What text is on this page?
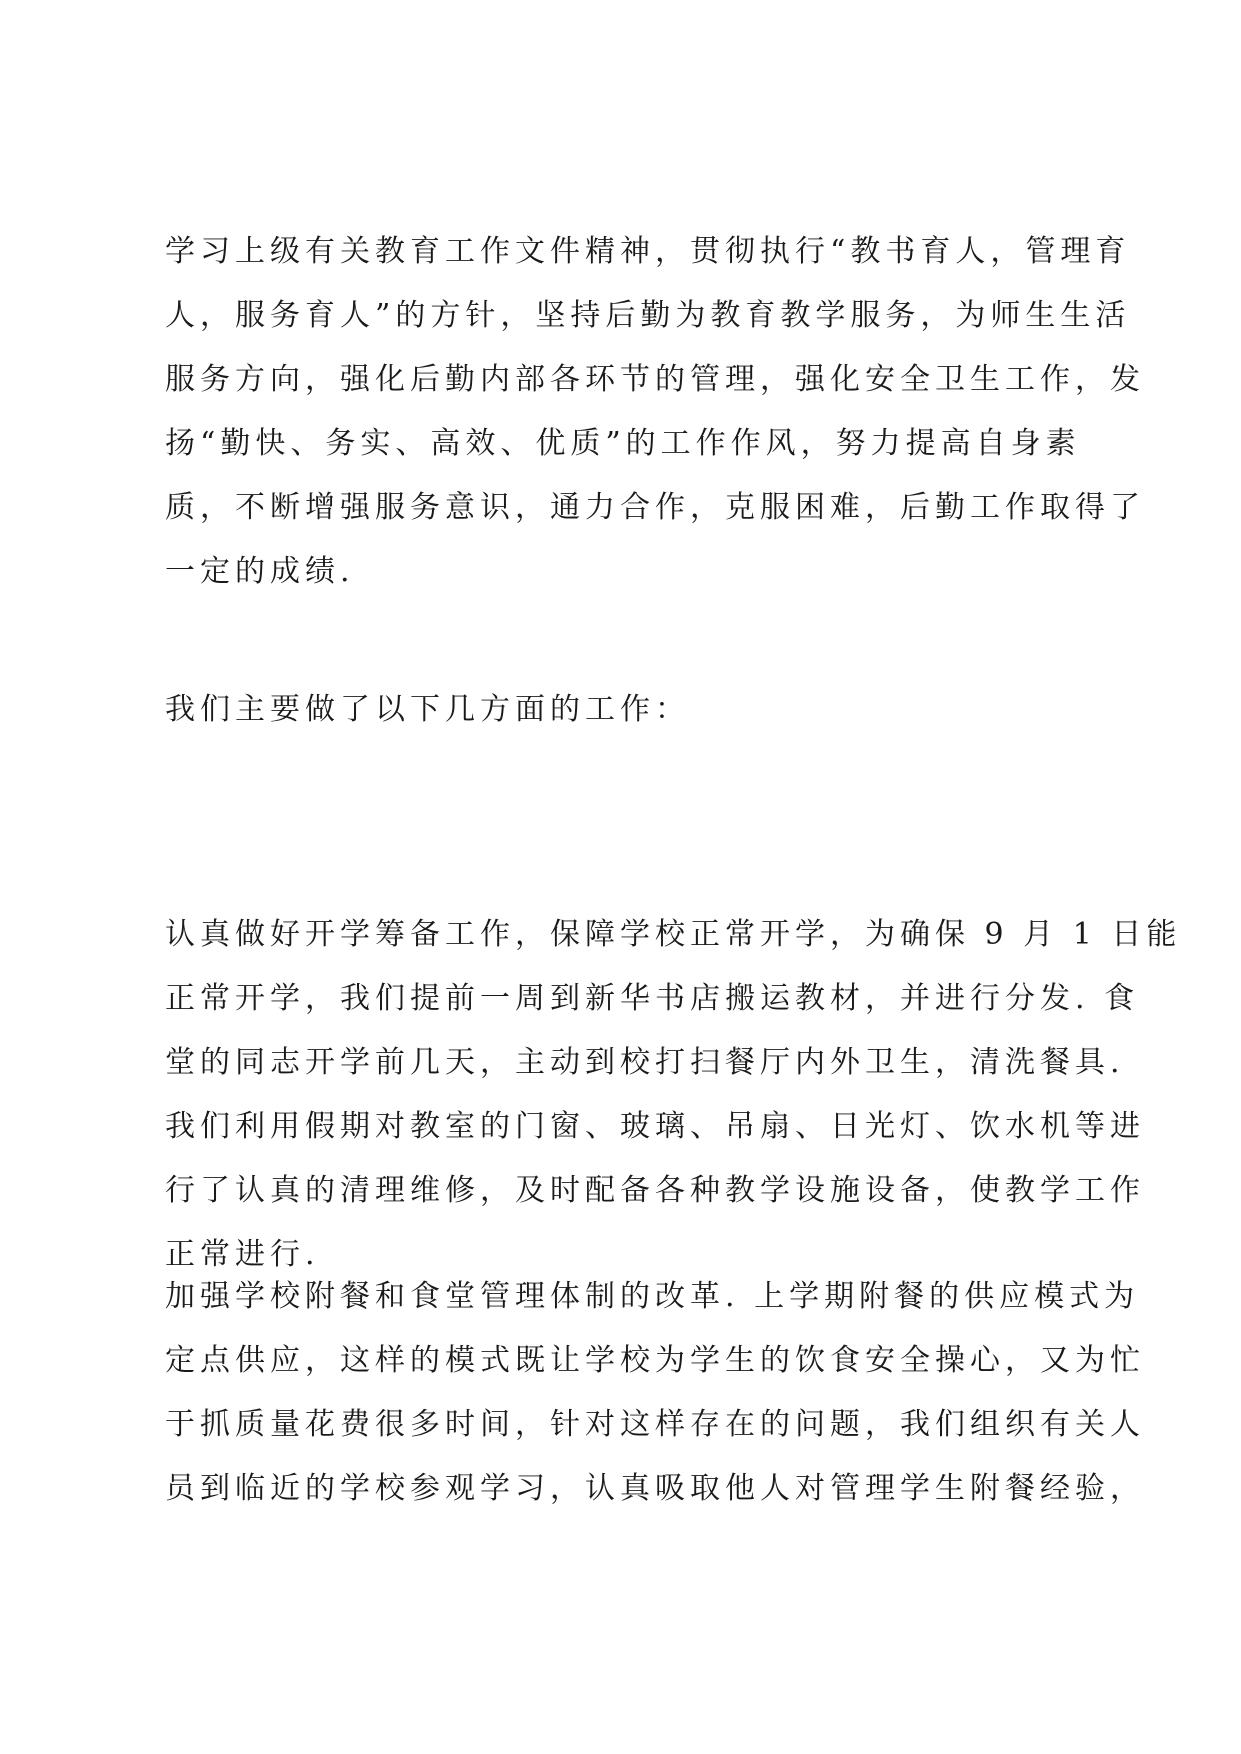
学习上级有关教育工作文件精神，贯彻执行“教书育人，管理育
人，服务育人”的方针，坚持后勤为教育教学服务，为师生生活
服务方向，强化后勤内部各环节的管理，强化安全卫生工作，发
扬“勤快、务实、高效、优质”的工作作风，努力提高自身素
质，不断增强服务意识，通力合作，克服困难，后勤工作取得了
一定的成绩.

我们主要做了以下几方面的工作：

认真做好开学筹备工作，保障学校正常开学，为确保 9 月 1 日能
正常开学，我们提前一周到新华书店搬运教材，并进行分发. 食
堂的同志开学前几天，主动到校打扫餐厅内外卫生，清洗餐具.
我们利用假期对教室的门窗、玻璃、吊扇、日光灯、饮水机等进
行了认真的清理维修，及时配备各种教学设施设备，使教学工作
正常进行.

加强学校附餐和食堂管理体制的改革. 上学期附餐的供应模式为
定点供应，这样的模式既让学校为学生的饮食安全操心，又为忙
于抓质量花费很多时间，针对这样存在的问题，我们组织有关人
员到临近的学校参观学习，认真吸取他人对管理学生附餐经验，
